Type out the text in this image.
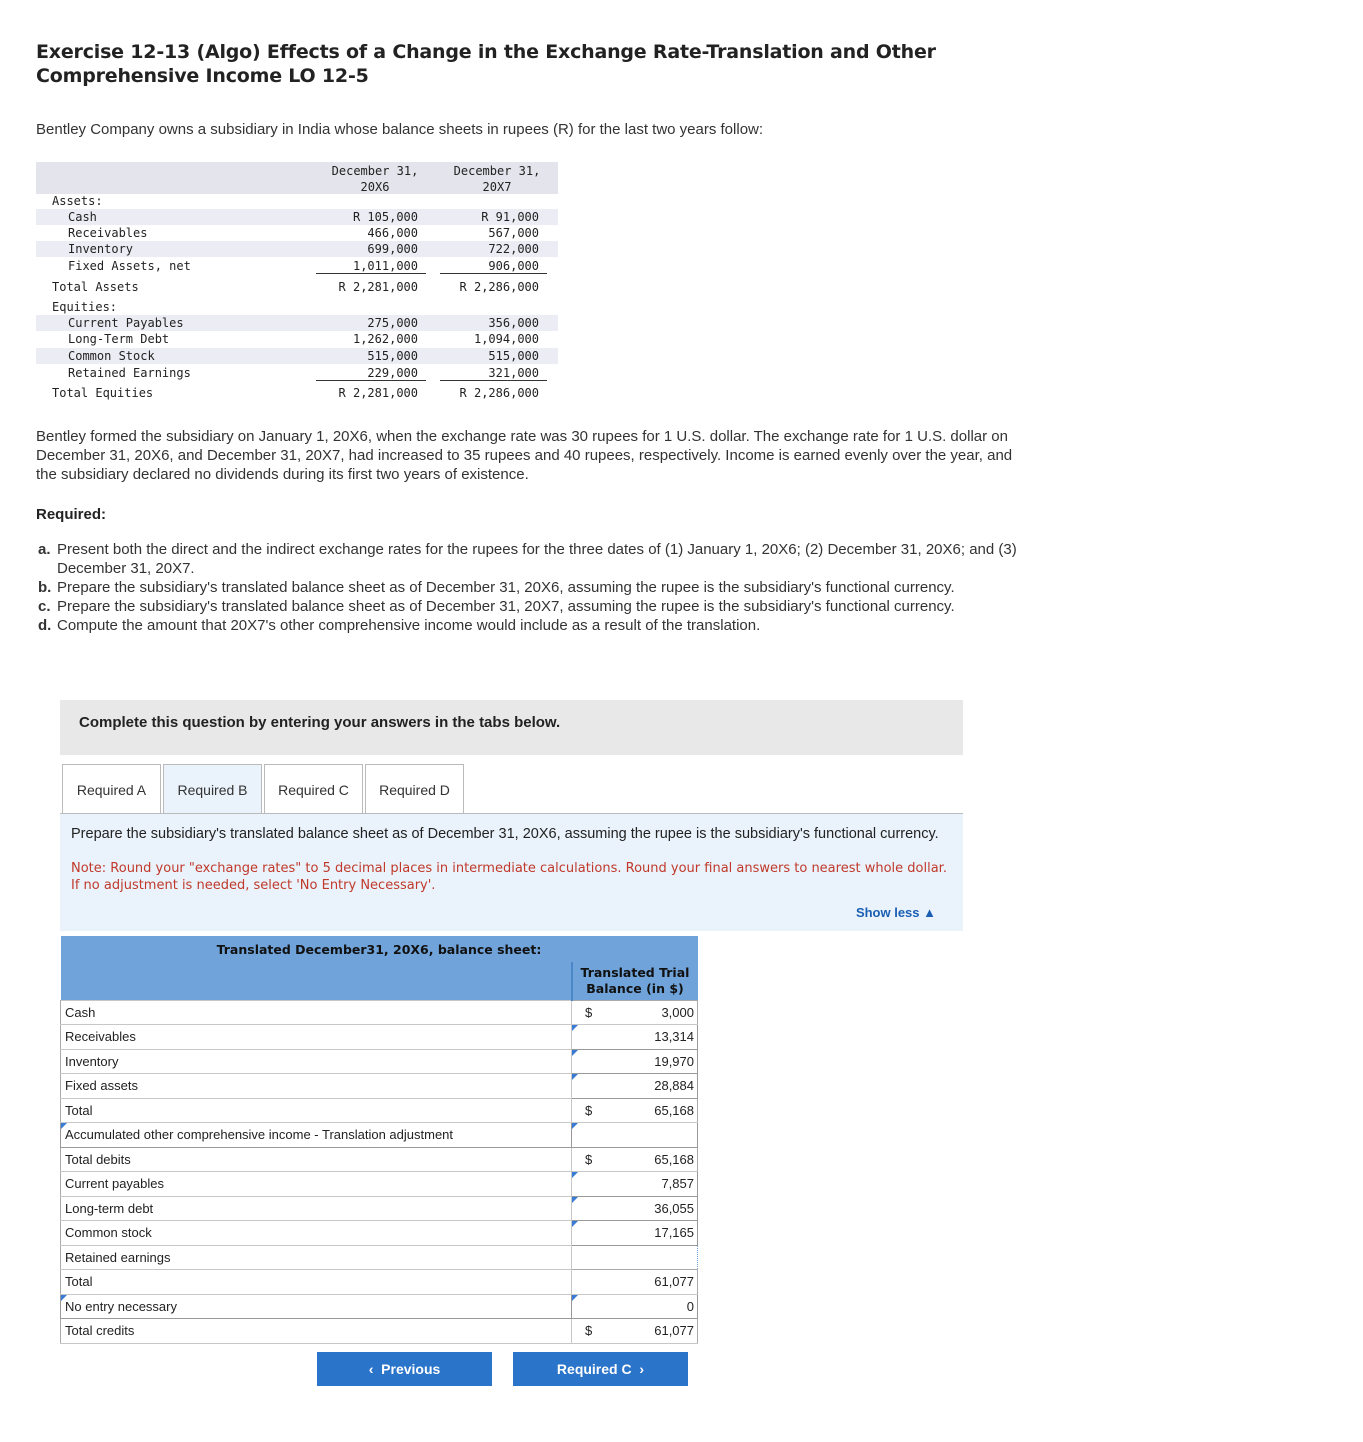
Exercise 12-13 (Algo) Effects of a Change in the Exchange Rate-Translation and Other Comprehensive Income LO 12-5
Bentley Company owns a subsidiary in India whose balance sheets in rupees (R) for the last two years follow:
December 31,
20X6
December 31,
20X7
Assets:
Equities:
Cash	R 105,000	R 91,000
Receivables	466,000	567,000
Inventory	699,000	722,000
Fixed Assets, net	1,011,000	906,000
Total Assets	R 2,281,000	R 2,286,000
Current Payables	275,000	356,000
Long-Term Debt	1,262,000	1,094,000
Common Stock	515,000	515,000
Retained Earnings	229,000	321,000
Total Equities	R 2,281,000	R 2,286,000
Bentley formed the subsidiary on January 1, 20X6, when the exchange rate was 30 rupees for 1 U.S. dollar. The exchange rate for 1 U.S. dollar on December 31, 20X6, and December 31, 20X7, had increased to 35 rupees and 40 rupees, respectively. Income is earned evenly over the year, and the subsidiary declared no dividends during its first two years of existence.
Required:
a. Present both the direct and the indirect exchange rates for the rupees for the three dates of (1) January 1, 20X6; (2) December 31, 20X6; and (3) December 31, 20X7.
b. Prepare the subsidiary's translated balance sheet as of December 31, 20X6, assuming the rupee is the subsidiary's functional currency.
c. Prepare the subsidiary's translated balance sheet as of December 31, 20X7, assuming the rupee is the subsidiary's functional currency.
d. Compute the amount that 20X7's other comprehensive income would include as a result of the translation.
Complete this question by entering your answers in the tabs below.
Required A	Required B	Required C	Required D
Prepare the subsidiary's translated balance sheet as of December 31, 20X6, assuming the rupee is the subsidiary's functional currency.
Note: Round your "exchange rates" to 5 decimal places in intermediate calculations. Round your final answers to nearest whole dollar. If no adjustment is needed, select 'No Entry Necessary'.
Show less ▲
Translated December31, 20X6, balance sheet:	

	Translated Trial
Balance (in $)

Cash	$ 3,000

Receivables	13,314

Inventory	19,970

Fixed assets	28,884

Total	$ 65,168

Accumulated other comprehensive income - Translation adjustment	

Total debits	$ 65,168

Current payables	7,857

Long-term debt	36,055

Common stock	17,165

Retained earnings	

Total	61,077

No entry necessary	0

Total credits	$ 61,077
‹  Previous	Required C  ›
